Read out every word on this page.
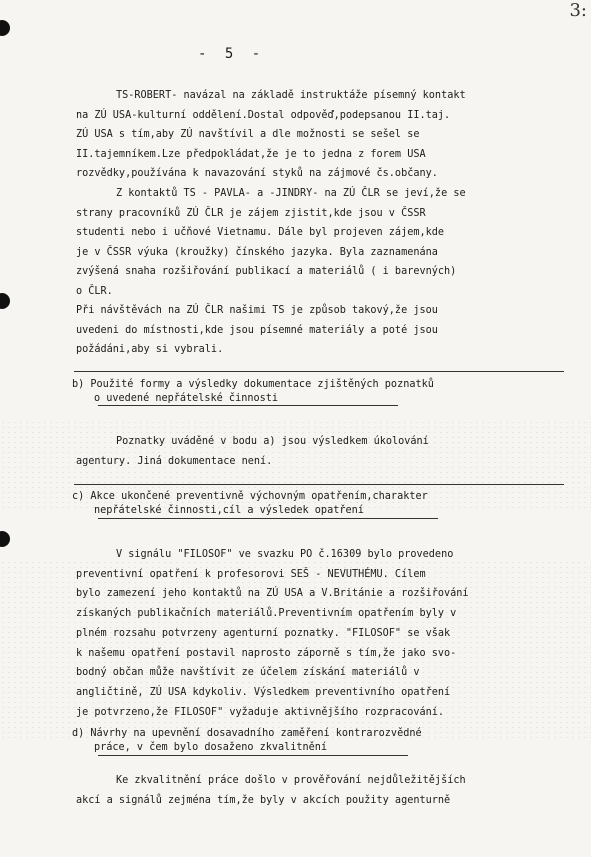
3:
- 5 -
TS-ROBERT- navázal na základě instruktáže písemný kontakt
na ZÚ USA-kulturní oddělení.Dostal odpověď,podepsanou II.taj.
ZÚ USA s tím,aby ZÚ navštívil a dle možnosti se sešel se
II.tajemníkem.Lze předpokládat,že je to jedna z forem USA
rozvědky,používána k navazování styků na zájmové čs.občany.
Z kontaktů TS - PAVLA- a -JINDRY- na ZÚ ČLR se jeví,že se
strany pracovníků ZÚ ČLR je zájem zjistit,kde jsou v ČSSR
studenti nebo i učňové Vietnamu. Dále byl projeven zájem,kde
je v ČSSR výuka (kroužky) čínského jazyka. Byla zaznamenána
zvýšená snaha rozšiřování publikací a materiálů ( i barevných)
o ČLR.
Při návštěvách na ZÚ ČLR našimi TS je způsob takový,že jsou
uvedeni do místnosti,kde jsou písemné materiály a poté jsou
požádáni,aby si vybrali.
b) Použité formy a výsledky dokumentace zjištěných poznatků
o uvedené nepřátelské činnosti
Poznatky uváděné v bodu a) jsou výsledkem úkolování
agentury. Jiná dokumentace není.
c) Akce ukončené preventivně výchovným opatřením,charakter
nepřátelské činnosti,cíl a výsledek opatření
V signálu "FILOSOF" ve svazku PO č.16309 bylo provedeno
preventivní opatření k profesorovi SEŠ - NEVUTHÉMU. Cílem
bylo zamezení jeho kontaktů na ZÚ USA a V.Británie a rozšiřování
získaných publikačních materiálů.Preventivním opatřením byly v
plném rozsahu potvrzeny agenturní poznatky. "FILOSOF" se však
k našemu opatření postavil naprosto záporně s tím,že jako svo-
bodný občan může navštívit ze účelem získání materiálů v
angličtině, ZÚ USA kdykoliv. Výsledkem preventivního opatření
je potvrzeno,že FILOSOF" vyžaduje aktivnějšího rozpracování.
d) Návrhy na upevnění dosavadního zaměření kontrarozvědné
práce, v čem bylo dosaženo zkvalitnění
Ke zkvalitnění práce došlo v prověřování nejdůležitějších
akcí a signálů zejména tím,že byly v akcích použity agenturně
